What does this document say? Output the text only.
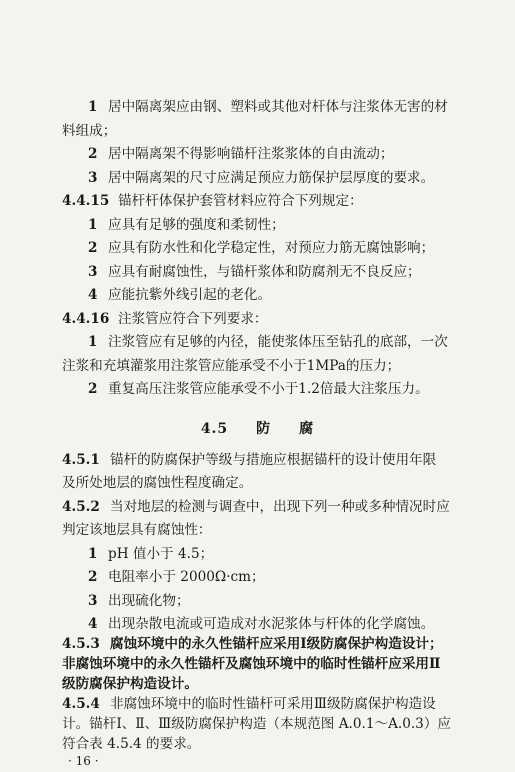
1 居中隔离架应由钢、塑料或其他对杆体与注浆体无害的材
料组成；
2 居中隔离架不得影响锚杆注浆浆体的自由流动；
3 居中隔离架的尺寸应满足预应力筋保护层厚度的要求。
4.4.15 锚杆杆体保护套管材料应符合下列规定：
1 应具有足够的强度和柔韧性；
2 应具有防水性和化学稳定性，对预应力筋无腐蚀影响；
3 应具有耐腐蚀性，与锚杆浆体和防腐剂无不良反应；
4 应能抗紫外线引起的老化。
4.4.16 注浆管应符合下列要求：
1 注浆管应有足够的内径，能使浆体压至钻孔的底部，一次
注浆和充填灌浆用注浆管应能承受不小于1MPa的压力；
2 重复高压注浆管应能承受不小于1.2倍最大注浆压力。
4.5 防 腐
4.5.1 锚杆的防腐保护等级与措施应根据锚杆的设计使用年限
及所处地层的腐蚀性程度确定。
4.5.2 当对地层的检测与调查中，出现下列一种或多种情况时应
判定该地层具有腐蚀性：
1 pH 值小于 4.5；
2 电阻率小于 2000Ω·cm；
3 出现硫化物；
4 出现杂散电流或可造成对水泥浆体与杆体的化学腐蚀。
4.5.3 腐蚀环境中的永久性锚杆应采用Ⅰ级防腐保护构造设计；
非腐蚀环境中的永久性锚杆及腐蚀环境中的临时性锚杆应采用Ⅱ
级防腐保护构造设计。
4.5.4 非腐蚀环境中的临时性锚杆可采用Ⅲ级防腐保护构造设
· 16 ·
计。锚杆Ⅰ、Ⅱ、Ⅲ级防腐保护构造（本规范图 A.0.1～A.0.3）应
符合表 4.5.4 的要求。
